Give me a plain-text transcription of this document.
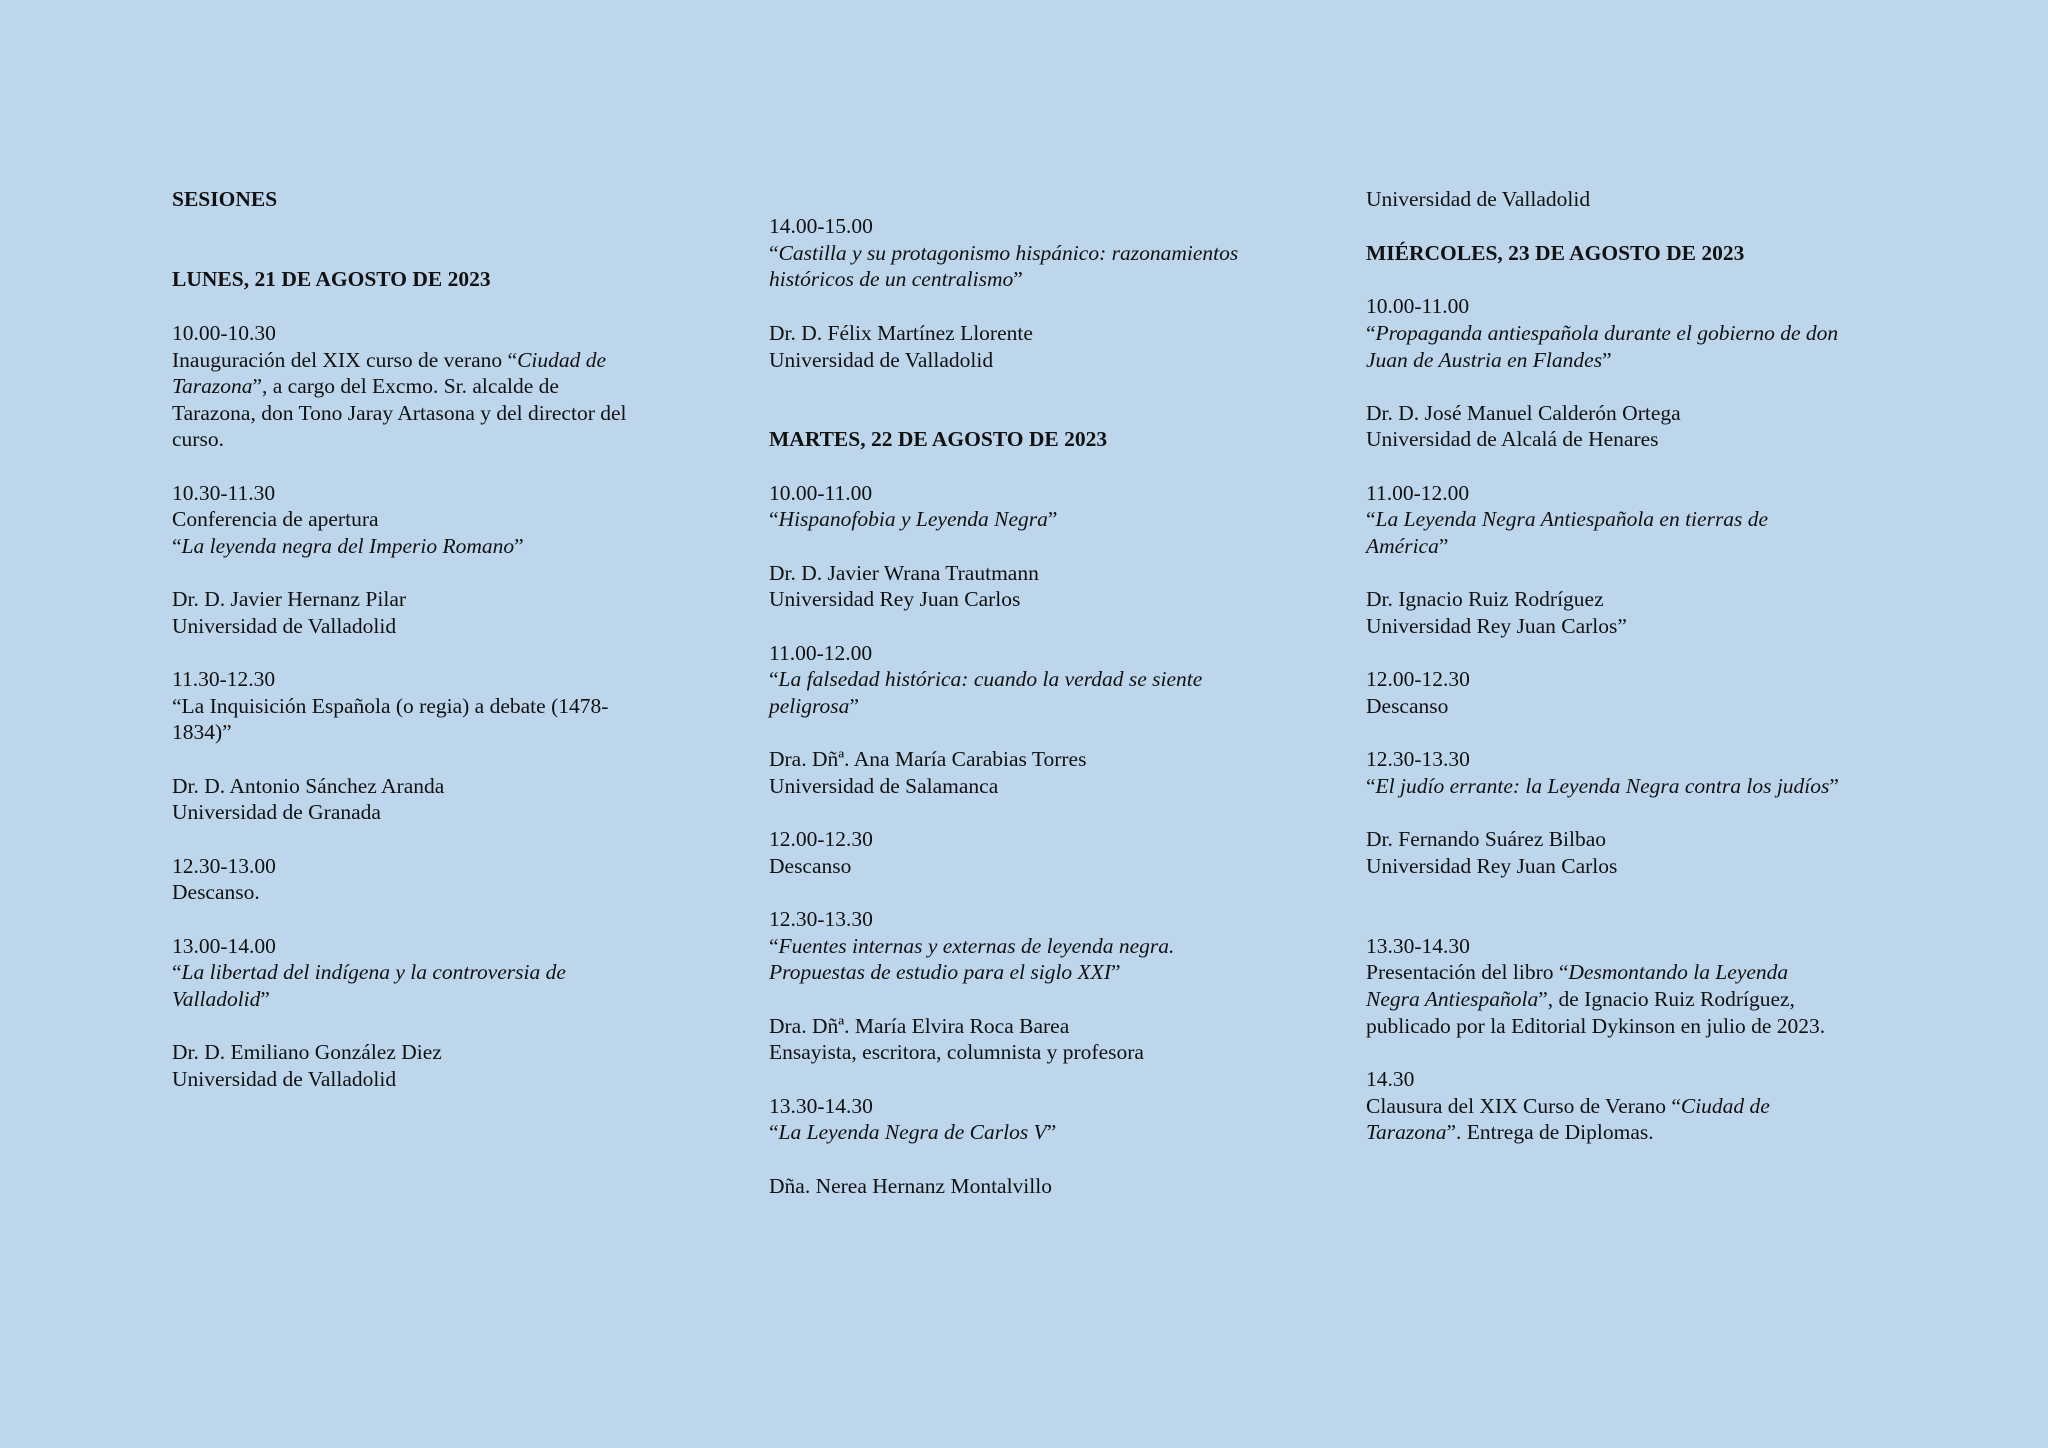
SESIONES
LUNES, 21 DE AGOSTO DE 2023
10.00-10.30
Inauguración del XIX curso de verano “Ciudad de
Tarazona”, a cargo del Excmo. Sr. alcalde de
Tarazona, don Tono Jaray Artasona y del director del
curso.
10.30-11.30
Conferencia de apertura
“La leyenda negra del Imperio Romano”
Dr. D. Javier Hernanz Pilar
Universidad de Valladolid
11.30-12.30
“La Inquisición Española (o regia) a debate (1478-
1834)”
Dr. D. Antonio Sánchez Aranda
Universidad de Granada
12.30-13.00
Descanso.
13.00-14.00
“La libertad del indígena y la controversia de
Valladolid”
Dr. D. Emiliano González Diez
Universidad de Valladolid
14.00-15.00
“Castilla y su protagonismo hispánico: razonamientos
históricos de un centralismo”
Dr. D. Félix Martínez Llorente
Universidad de Valladolid
MARTES, 22 DE AGOSTO DE 2023
10.00-11.00
“Hispanofobia y Leyenda Negra”
Dr. D. Javier Wrana Trautmann
Universidad Rey Juan Carlos
11.00-12.00
“La falsedad histórica: cuando la verdad se siente
peligrosa”
Dra. Dñª. Ana María Carabias Torres
Universidad de Salamanca
12.00-12.30
Descanso
12.30-13.30
“Fuentes internas y externas de leyenda negra.
Propuestas de estudio para el siglo XXI”
Dra. Dñª. María Elvira Roca Barea
Ensayista, escritora, columnista y profesora
13.30-14.30
“La Leyenda Negra de Carlos V”
Dña. Nerea Hernanz Montalvillo
Universidad de Valladolid
MIÉRCOLES, 23 DE AGOSTO DE 2023
10.00-11.00
“Propaganda antiespañola durante el gobierno de don
Juan de Austria en Flandes”
Dr. D. José Manuel Calderón Ortega
Universidad de Alcalá de Henares
11.00-12.00
“La Leyenda Negra Antiespañola en tierras de
América”
Dr. Ignacio Ruiz Rodríguez
Universidad Rey Juan Carlos”
12.00-12.30
Descanso
12.30-13.30
“El judío errante: la Leyenda Negra contra los judíos”
Dr. Fernando Suárez Bilbao
Universidad Rey Juan Carlos
13.30-14.30
Presentación del libro “Desmontando la Leyenda
Negra Antiespañola”, de Ignacio Ruiz Rodríguez,
publicado por la Editorial Dykinson en julio de 2023.
14.30
Clausura del XIX Curso de Verano “Ciudad de
Tarazona”. Entrega de Diplomas.
